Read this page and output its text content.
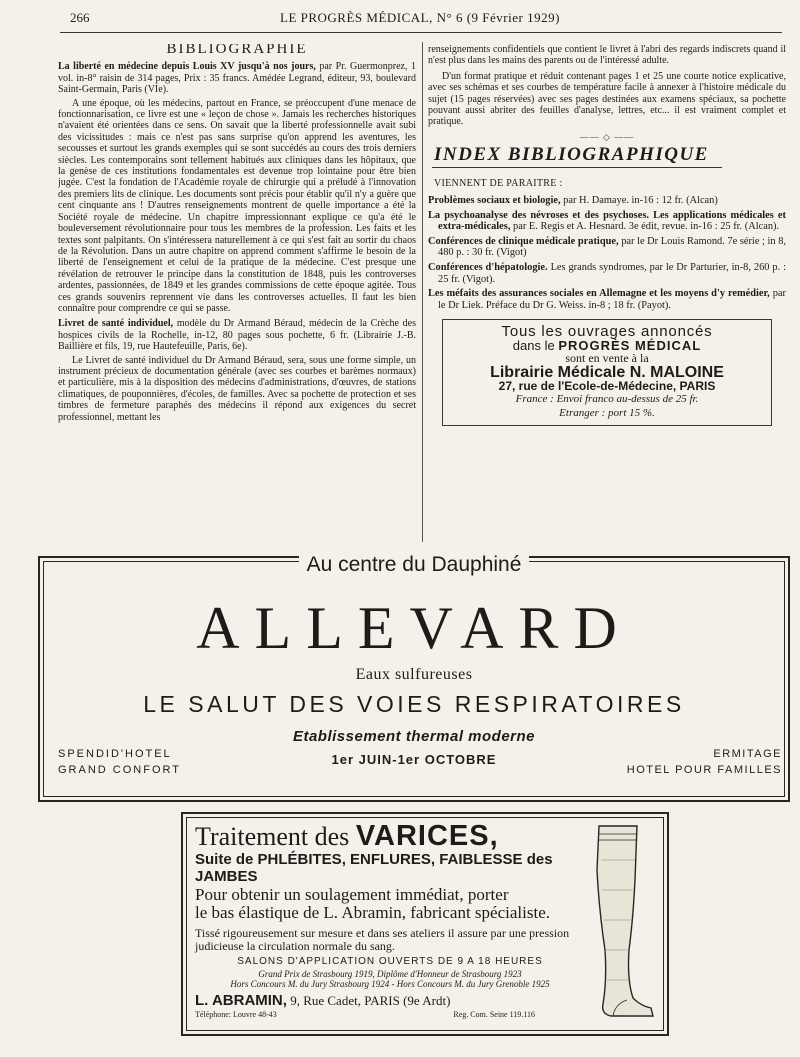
266	LE PROGRÈS MÉDICAL, N° 6 (9 Février 1929)
BIBLIOGRAPHIE

La liberté en médecine depuis Louis XV jusqu'à nos jours, par Pr. Guermonprez, 1 vol. in-8° raisin de 314 pages, Prix : 35 francs. Amédée Legrand, éditeur, 93, boulevard Saint-Germain, Paris (VIe).

A une époque, où les médecins, partout en France, se préoccupent d'une menace de fonctionnarisation, ce livre est une « leçon de chose ». Jamais les recherches historiques n'avaient été orientées dans ce sens. On savait que la liberté professionnelle avait subi des vicissitudes : mais ce n'est pas sans surprise qu'on apprend les aventures, les secousses et surtout les grands exemples qui se sont succédés au cours des trois derniers siècles. Les contemporains sont tellement habitués aux cliniques dans les hôpitaux, que la genèse de ces institutions fondamentales est devenue trop lointaine pour être bien jugée. C'est la fondation de l'Académie royale de chirurgie qui a préludé à l'innovation des premiers lits de clinique. Les documents sont précis pour établir qu'il n'y a guère que cent cinquante ans ! D'autres renseignements montrent de quelle importance a été la Société royale de médecine. Un chapitre impressionnant explique ce qu'a été le bouleversement révolutionnaire pour tous les membres de la profession. Les faits et les textes sont palpitants. On s'intéressera naturellement à ce qui s'est fait au sortir du chaos de la Révolution. Dans un autre chapitre on apprend comment s'affirme le besoin de la liberté de l'enseignement et celui de la pratique de la médecine. C'est presque une révélation de retrouver le principe dans la constitution de 1848, puis les controverses ardentes, passionnées, de 1849 et les grandes commissions de cette époque agitée. Tous ces grands souvenirs reprennent vie dans les controverses actuelles. Il faut les bien connaître pour comprendre ce qui se passe.

Livret de santé individuel, modèle du Dr Armand Béraud, médecin de la Crèche des hospices civils de la Rochelle, in-12, 80 pages sous pochette, 6 fr. (Librairie J.-B. Baillière et fils, 19, rue Hautefeuille, Paris, 6e).

Le Livret de santé individuel du Dr Armand Béraud, sera, sous une forme simple, un instrument précieux de documentation générale (avec ses courbes et barèmes normaux) et particulière, mis à la disposition des médecins d'administrations, d'œuvres, de stations climatiques, de pouponnières, d'écoles, de familles. Avec sa pochette de protection et ses timbres de fermeture paraphés des médecins il répond aux exigences du secret professionnel, mettant les

renseignements confidentiels que contient le livret à l'abri des regards indiscrets quand il n'est plus dans les mains des parents ou de l'intéressé adulte.

D'un format pratique et réduit contenant pages 1 et 25 une courte notice explicative, avec ses schémas et ses courbes de température facile à annexer à l'histoire médicale du sujet (15 pages réservées) avec ses pages destinées aux examens spéciaux, sa pochette pouvant aussi abriter des feuilles d'analyse, lettres, etc... il est vraiment complet et pratique.

—— ◇ ——
INDEX BIBLIOGRAPHIQUE
VIENNENT DE PARAITRE :
Problèmes sociaux et biologie, par H. Damaye. in-16 : 12 fr. (Alcan)
La psychoanalyse des névroses et des psychoses. Les applications médicales et extra-médicales, par E. Regis et A. Hesnard. 3e édit, revue. in-16 : 25 fr. (Alcan).
Conférences de clinique médicale pratique, par le Dr Louis Ramond. 7e série ; in 8, 480 p. : 30 fr. (Vigot)
Conférences d'hépatologie. Les grands syndromes, par le Dr Parturier, in-8, 260 p. : 25 fr. (Vigot).
Les méfaits des assurances sociales en Allemagne et les moyens d'y remédier, par le Dr Liek. Préface du Dr G. Weiss. in-8 ; 18 fr. (Payot).
Tous les ouvrages annoncés
dans le PROGRÈS MÉDICAL
sont en vente à la
Librairie Médicale N. MALOINE
27, rue de l'Ecole-de-Médecine, PARIS
France : Envoi franco au-dessus de 25 fr.
Etranger : port 15 %.
Au centre du Dauphiné
ALLEVARD
Eaux sulfureuses
LE SALUT DES VOIES RESPIRATOIRES
Etablissement thermal moderne
1er JUIN-1er OCTOBRE
SPENDID'HOTEL
GRAND CONFORT
ERMITAGE
HOTEL POUR FAMILLES
Traitement des VARICES,
Suite de PHLÉBITES, ENFLURES, FAIBLESSE des JAMBES
Pour obtenir un soulagement immédiat, porter
le bas élastique de L. Abramin, fabricant spécialiste.
Tissé rigoureusement sur mesure et dans ses ateliers il assure par une pression judicieuse la circulation normale du sang.
SALONS D'APPLICATION OUVERTS DE 9 A 18 HEURES
Grand Prix de Strasbourg 1919, Diplôme d'Honneur de Strasbourg 1923
Hors Concours M. du Jury Strasbourg 1924 - Hors Concours M. du Jury Grenoble 1925
L. ABRAMIN, 9, Rue Cadet, PARIS (9e Ardt)
Téléphone: Louvre 48-43	Reg. Com. Seine 119.116
